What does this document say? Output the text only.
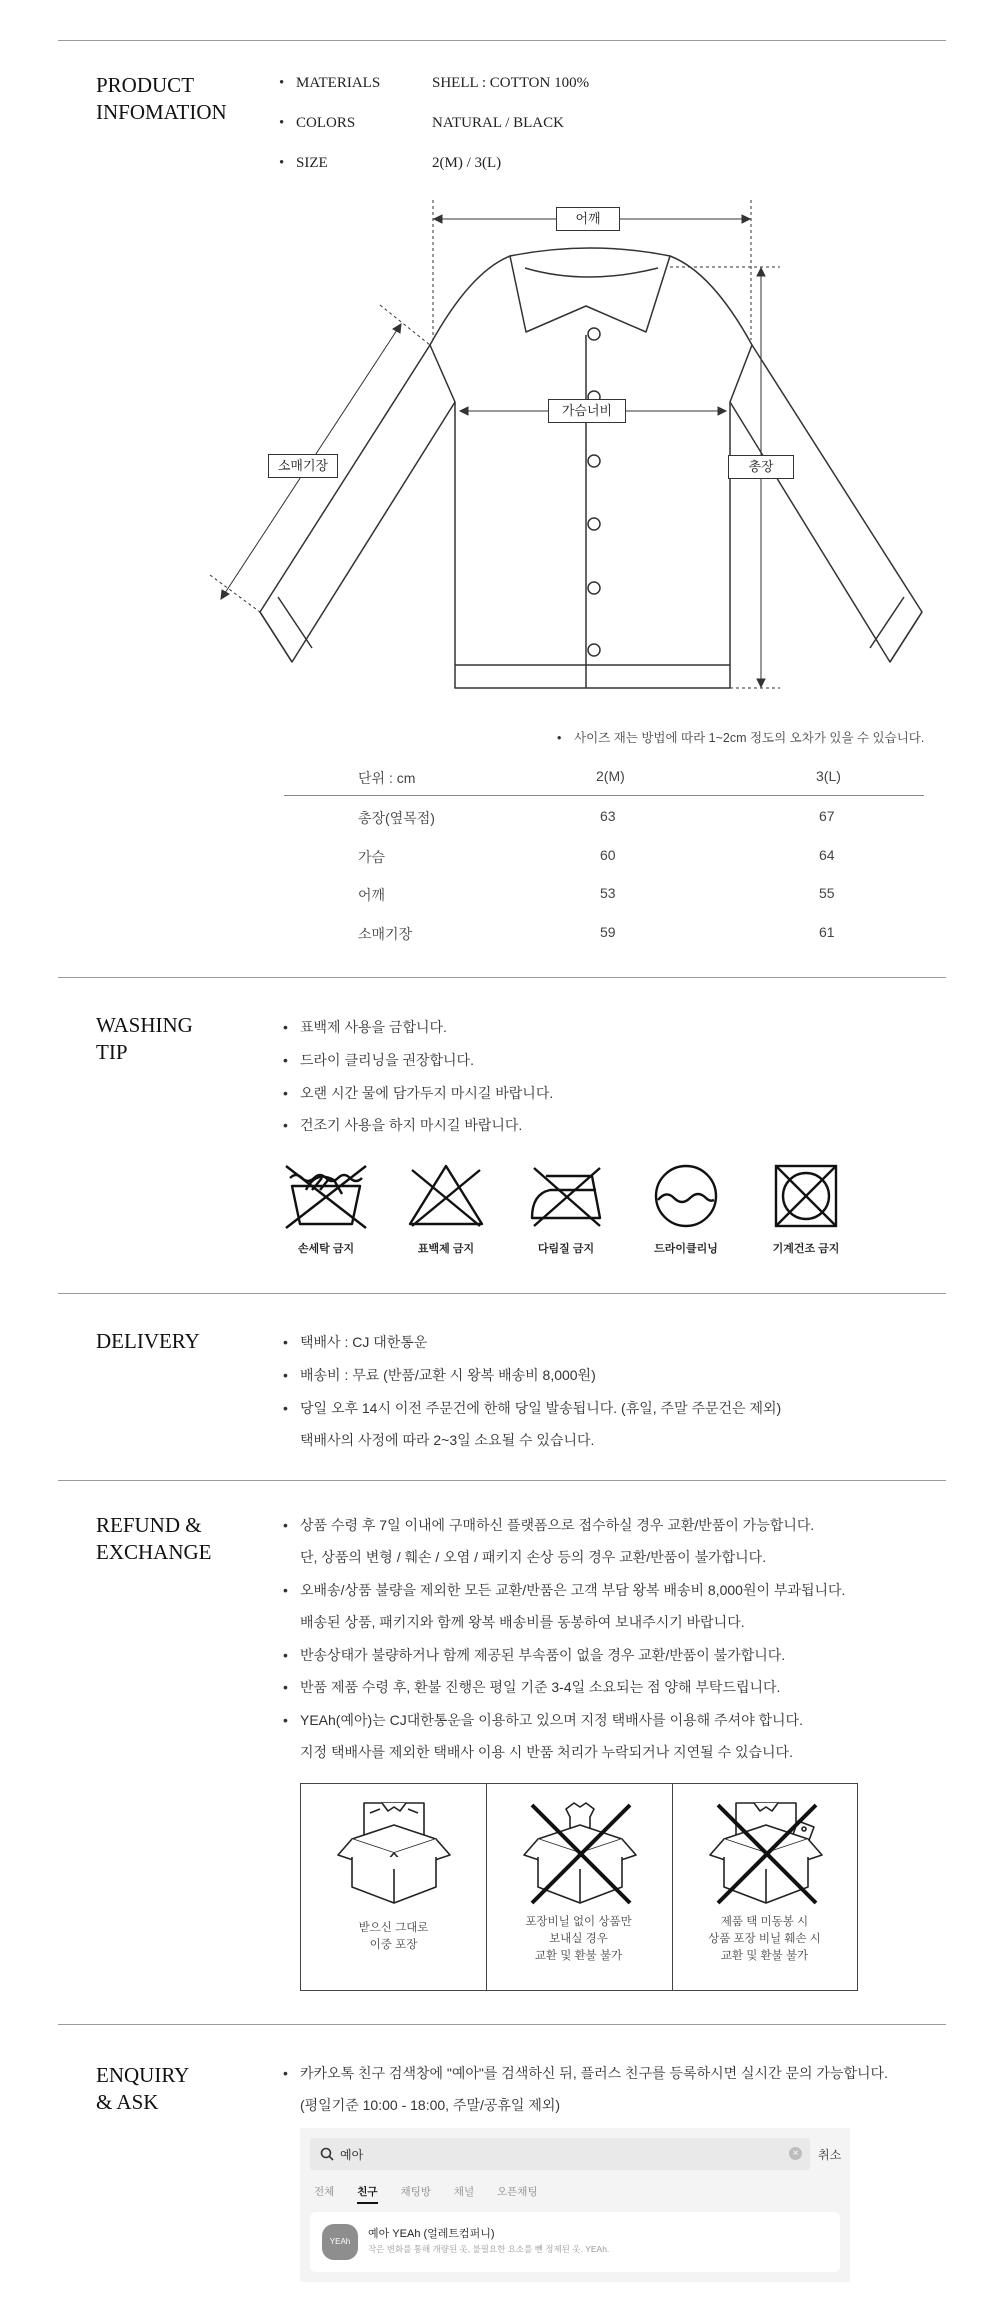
PRODUCT
INFOMATION
• MATERIALS	SHELL : COTTON 100%
• COLORS	NATURAL / BLACK
• SIZE	2(M) / 3(L)
어깨
가슴너비
소매기장	총장
• 사이즈 재는 방법에 따라 1~2cm 정도의 오차가 있을 수 있습니다.
단위 : cm	2(M)	3(L)
총장(옆목점)	63	67
가슴	60	64
어깨	53	55
소매기장	59	61
WASHING
TIP
• 표백제 사용을 금합니다.
• 드라이 클리닝을 권장합니다.
• 오랜 시간 물에 담가두지 마시길 바랍니다.
• 건조기 사용을 하지 마시길 바랍니다.
손세탁 금지	표백제 금지	다림질 금지	드라이클리닝	기계건조 금지
DELIVERY
•	택배사 : CJ 대한통운
• 배송비 : 무료 (반품/교환 시 왕복 배송비 8,000원)
• 당일 오후 14시 이전 주문건에 한해 당일 발송됩니다. (휴일, 주말 주문건은 제외)
택배사의 사정에 따라 2~3일 소요될 수 있습니다.
REFUND &
EXCHANGE
• 상품 수령 후 7일 이내에 구매하신 플랫폼으로 접수하실 경우 교환/반품이 가능합니다.
단, 상품의 변형 / 훼손 / 오염 / 패키지 손상 등의 경우 교환/반품이 불가합니다.
• 오배송/상품 불량을 제외한 모든 교환/반품은 고객 부담 왕복 배송비 8,000원이 부과됩니다.
배송된 상품, 패키지와 함께 왕복 배송비를 동봉하여 보내주시기 바랍니다.
• 반송상태가 불량하거나 함께 제공된 부속품이 없을 경우 교환/반품이 불가합니다.
• 반품 제품 수령 후, 환불 진행은 평일 기준 3-4일 소요되는 점 양해 부탁드립니다.
• YEAh(예아)는 CJ대한통운을 이용하고 있으며 지정 택배사를 이용해 주셔야 합니다.
지정 택배사를 제외한 택배사 이용 시 반품 처리가 누락되거나 지연될 수 있습니다.
받으신 그대로
이중 포장
포장비닐 없이 상품만
보내실 경우
교환 및 환불 불가
제품 택 미동봉 시
상품 포장 비닐 훼손 시
교환 및 환불 불가
ENQUIRY
& ASK
• 카카오톡 친구 검색창에 "예아"를 검색하신 뒤, 플러스 친구를 등록하시면 실시간 문의 가능합니다.
(평일기준 10:00 - 18:00, 주말/공휴일 제외)
예아	× 취소
전체 친구 채팅방 채널 오픈채팅
YEAh
예아 YEAh (얼레트컴퍼니)
작은 변화를 통해 개량된 옷, 불필요한 요소를 뺀 정제된 옷. YEAh.
